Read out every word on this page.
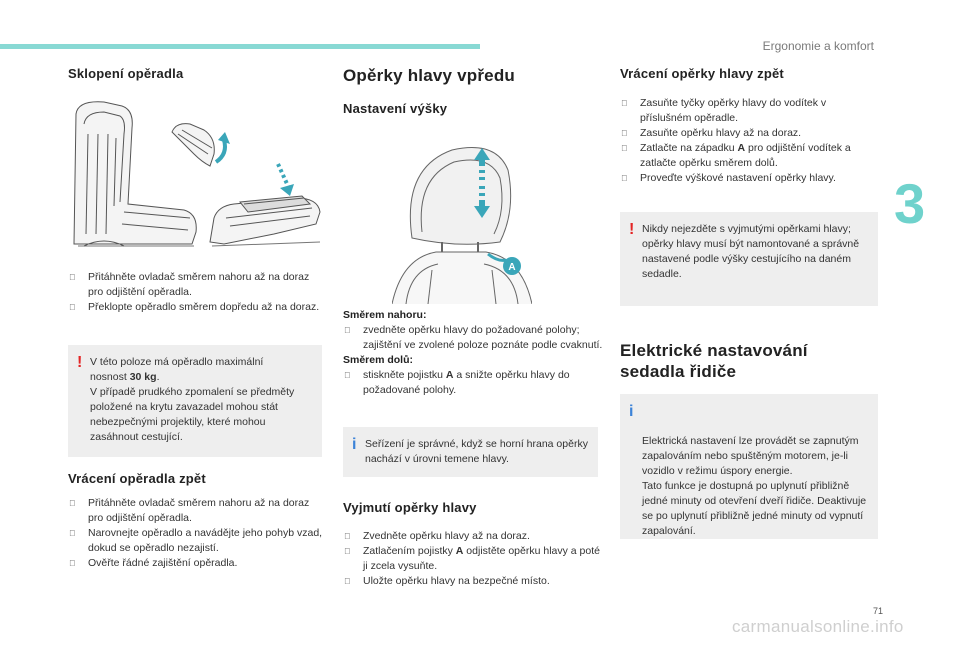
Ergonomie a komfort
3
71
carmanualsonline.info
Sklopení opěradla
Přitáhněte ovladač směrem nahoru až na doraz pro odjištění opěradla.
Překlopte opěradlo směrem dopředu až na doraz.
! V této poloze má opěradlo maximální
nosnost 30 kg.
V případě prudkého zpomalení se předměty položené na krytu zavazadel mohou stát nebezpečnými projektily, které mohou zasáhnout cestující.
Vrácení opěradla zpět
Přitáhněte ovladač směrem nahoru až na doraz pro odjištění opěradla.
Narovnejte opěradlo a navádějte jeho pohyb vzad, dokud se opěradlo nezajistí.
Ověřte řádné zajištění opěradla.
Opěrky hlavy vpředu
Nastavení výšky
A
Směrem nahoru:
zvedněte opěrku hlavy do požadované polohy; zajištění ve zvolené poloze poznáte podle cvaknutí.
Směrem dolů:
stiskněte pojistku A a snižte opěrku hlavy do požadované polohy.
i Seřízení je správné, když se horní hrana opěrky nachází v úrovni temene hlavy.
Vyjmutí opěrky hlavy
Zvedněte opěrku hlavy až na doraz.
Zatlačením pojistky A odjistěte opěrku hlavy a poté ji zcela vysuňte.
Uložte opěrku hlavy na bezpečné místo.
Vrácení opěrky hlavy zpět
Zasuňte tyčky opěrky hlavy do vodítek v příslušném opěradle.
Zasuňte opěrku hlavy až na doraz.
Zatlačte na západku A pro odjištění vodítek a zatlačte opěrku směrem dolů.
Proveďte výškové nastavení opěrky hlavy.
! Nikdy nejezděte s vyjmutými opěrkami hlavy; opěrky hlavy musí být namontované a správně nastavené podle výšky cestujícího na daném sedadle.
Elektrické nastavování
sedadla řidiče

i

Elektrická nastavení lze provádět se zapnutým zapalováním nebo spuštěným motorem, je-li vozidlo v režimu úspory energie.
Tato funkce je dostupná po uplynutí přibližně jedné minuty od otevření dveří řidiče. Deaktivuje se po uplynutí přibližně jedné minuty od vypnutí zapalování.
